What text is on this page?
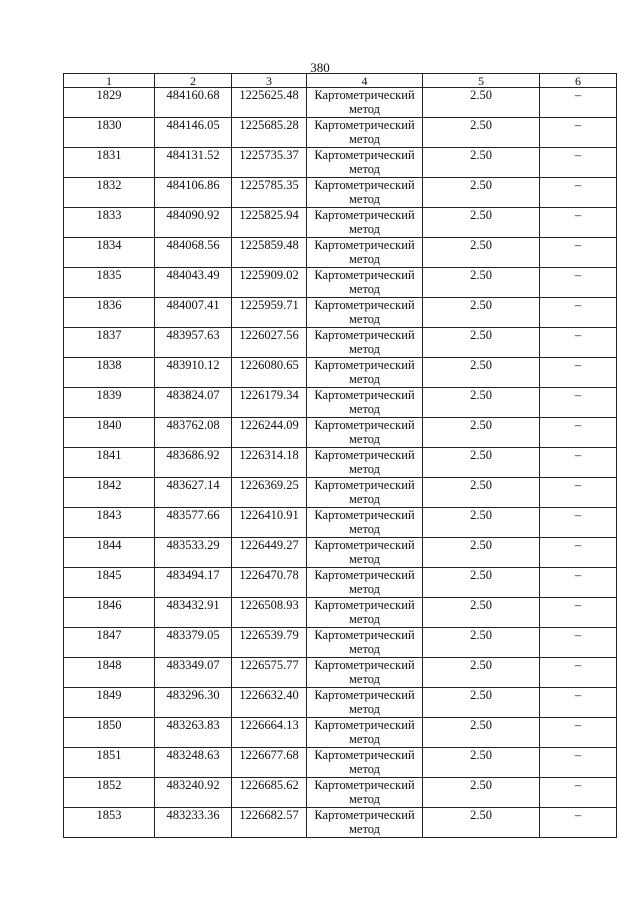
380
1	2	3	4	5	6
1829	484160.68	1225625.48	Картометрический метод	2.50	–
1830	484146.05	1225685.28	Картометрический метод	2.50	–
1831	484131.52	1225735.37	Картометрический метод	2.50	–
1832	484106.86	1225785.35	Картометрический метод	2.50	–
1833	484090.92	1225825.94	Картометрический метод	2.50	–
1834	484068.56	1225859.48	Картометрический метод	2.50	–
1835	484043.49	1225909.02	Картометрический метод	2.50	–
1836	484007.41	1225959.71	Картометрический метод	2.50	–
1837	483957.63	1226027.56	Картометрический метод	2.50	–
1838	483910.12	1226080.65	Картометрический метод	2.50	–
1839	483824.07	1226179.34	Картометрический метод	2.50	–
1840	483762.08	1226244.09	Картометрический метод	2.50	–
1841	483686.92	1226314.18	Картометрический метод	2.50	–
1842	483627.14	1226369.25	Картометрический метод	2.50	–
1843	483577.66	1226410.91	Картометрический метод	2.50	–
1844	483533.29	1226449.27	Картометрический метод	2.50	–
1845	483494.17	1226470.78	Картометрический метод	2.50	–
1846	483432.91	1226508.93	Картометрический метод	2.50	–
1847	483379.05	1226539.79	Картометрический метод	2.50	–
1848	483349.07	1226575.77	Картометрический метод	2.50	–
1849	483296.30	1226632.40	Картометрический метод	2.50	–
1850	483263.83	1226664.13	Картометрический метод	2.50	–
1851	483248.63	1226677.68	Картометрический метод	2.50	–
1852	483240.92	1226685.62	Картометрический метод	2.50	–
1853	483233.36	1226682.57	Картометрический метод	2.50	–
